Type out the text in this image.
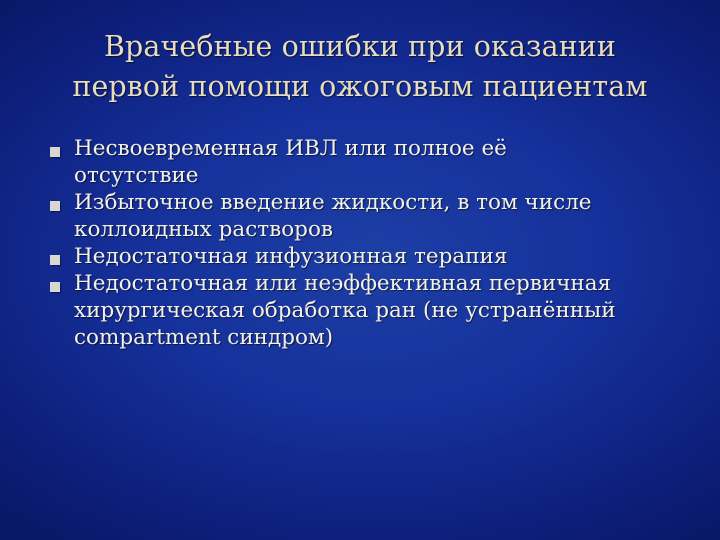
Врачебные ошибки при оказании
первой помощи ожоговым пациентам
Несвоевременная ИВЛ или полное её
отсутствие
Избыточное введение жидкости, в том числе
коллоидных растворов
Недостаточная инфузионная терапия
Недостаточная или неэффективная первичная
хирургическая обработка ран (не устранённый
compartment синдром)
